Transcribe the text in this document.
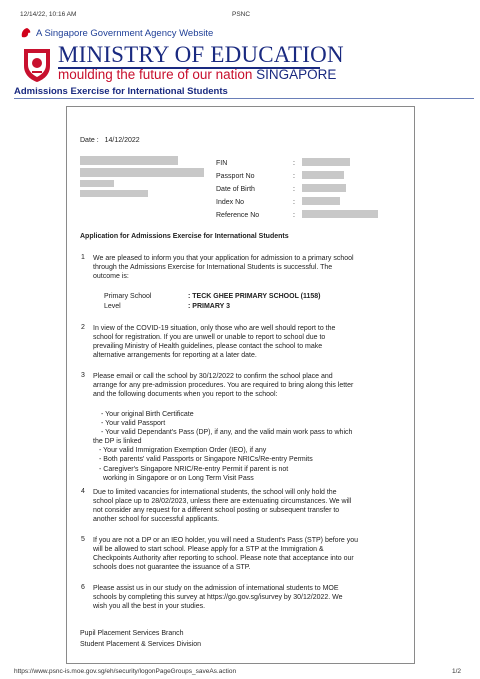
12/14/22, 10:16 AM	PSNC
A Singapore Government Agency Website
MINISTRY OF EDUCATION
moulding the future of our nation SINGAPORE
Admissions Exercise for International Students
Date : 14/12/2022
FIN	:
Passport No	:
Date of Birth	:
Index No	:
Reference No	:
Application for Admissions Exercise for International Students
1 We are pleased to inform you that your application for admission to a primary school
through the Admissions Exercise for International Students is successful. The
outcome is:
Primary School	: TECK GHEE PRIMARY SCHOOL (1158)
Level	: PRIMARY 3
2 In view of the COVID-19 situation, only those who are well should report to the
school for registration. If you are unwell or unable to report to school due to
prevailing Ministry of Health guidelines, please contact the school to make
alternative arrangements for reporting at a later date.
3 Please email or call the school by 30/12/2022 to confirm the school place and
arrange for any pre-admission procedures. You are required to bring along this letter
and the following documents when you report to the school:
- Your original Birth Certificate
- Your valid Passport
- Your valid Dependant's Pass (DP), if any, and the valid main work pass to which
the DP is linked
- Your valid Immigration Exemption Order (IEO), if any
- Both parents' valid Passports or Singapore NRICs/Re-entry Permits
- Caregiver's Singapore NRIC/Re-entry Permit if parent is not
working in Singapore or on Long Term Visit Pass
4 Due to limited vacancies for international students, the school will only hold the
school place up to 28/02/2023, unless there are extenuating circumstances. We will
not consider any request for a different school posting or subsequent transfer to
another school for successful applicants.
5 If you are not a DP or an IEO holder, you will need a Student's Pass (STP) before you
will be allowed to start school. Please apply for a STP at the Immigration &
Checkpoints Authority after reporting to school. Please note that acceptance into our
schools does not guarantee the issuance of a STP.
6 Please assist us in our study on the admission of international students to MOE
schools by completing this survey at https://go.gov.sg/isurvey by 30/12/2022. We
wish you all the best in your studies.
Pupil Placement Services Branch
Student Placement & Services Division
https://www.psnc-is.moe.gov.sg/eh/security/logonPageGroups_saveAs.action	1/2
